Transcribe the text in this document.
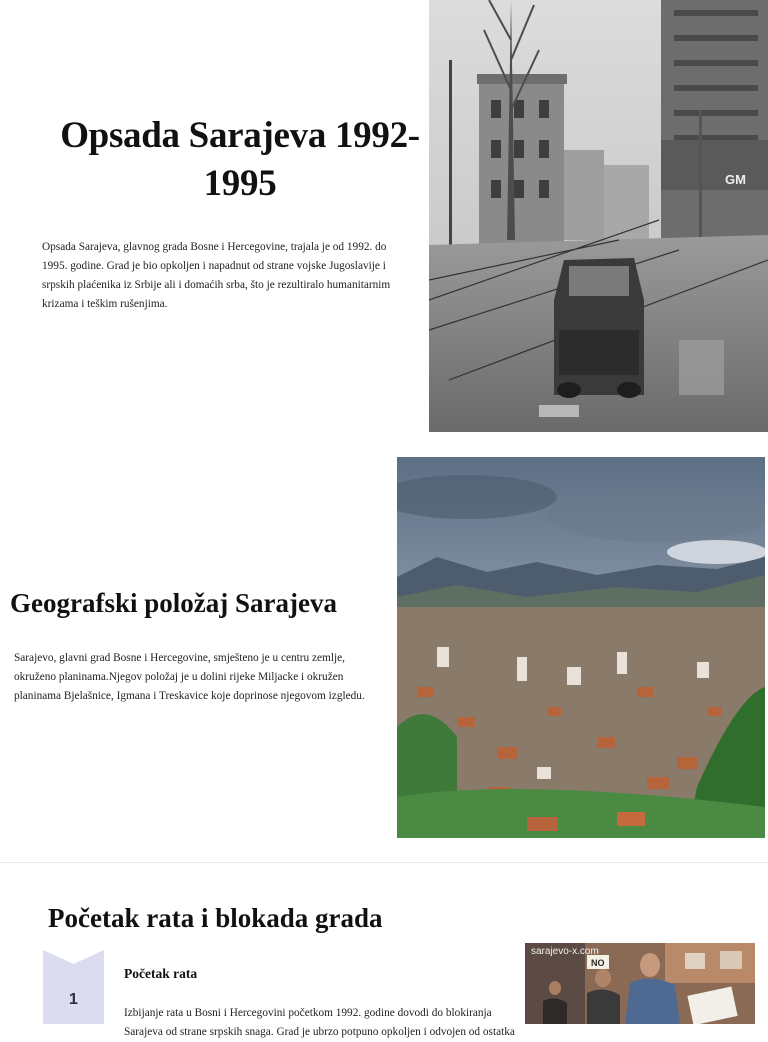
Opsada Sarajeva 1992-1995

Opsada Sarajeva, glavnog grada Bosne i Hercegovine, trajala je od 1992. do 1995. godine. Grad je bio opkoljen i napadnut od strane vojske Jugoslavije i srpskih plaćenika iz Srbije ali i domaćih srba, što je rezultiralo humanitarnim krizama i teškim rušenjima.

GM
Geografski položaj Sarajeva

Sarajevo, glavni grad Bosne i Hercegovine, smješteno je u centru zemlje, okruženo planinama.Njegov položaj je u dolini rijeke Miljacke i okružen planinama Bjelašnice, Igmana i Treskavice koje doprinose njegovom izgledu.

Početak rata i blokada grada
1
Početak rata

Izbijanje rata u Bosni i Hercegovini početkom 1992. godine dovodi do blokiranja Sarajeva od strane srpskih snaga. Grad je ubrzo potpuno opkoljen i odvojen od ostatka

NO
sarajevo-x.com
